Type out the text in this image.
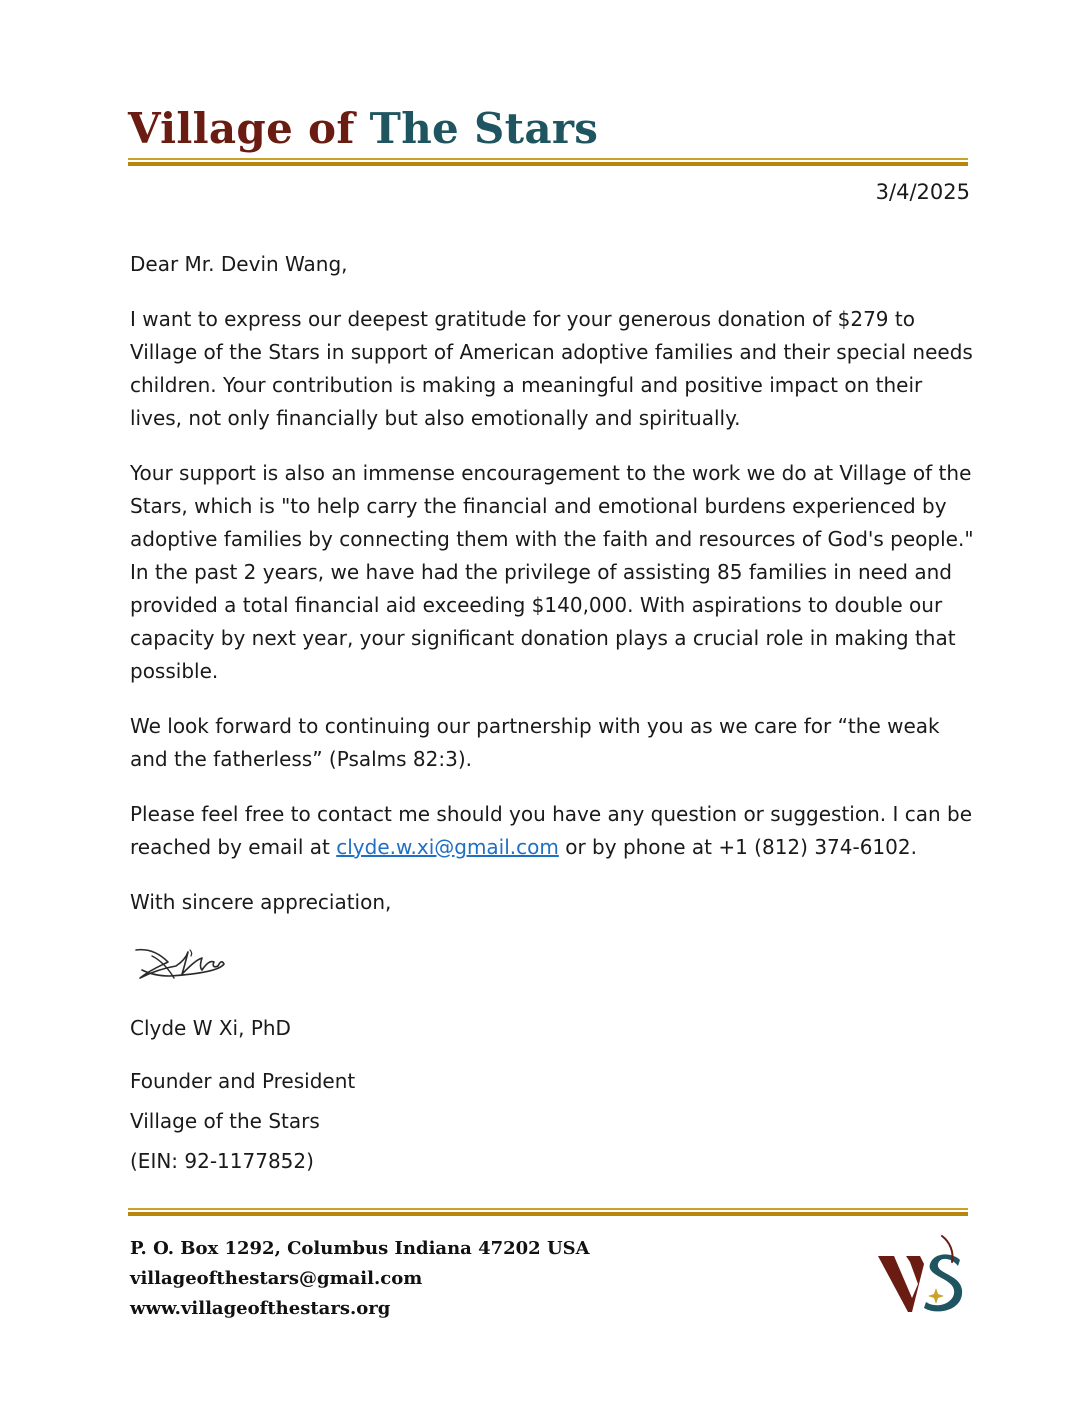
Village of The Stars
3/4/2025

Dear Mr. Devin Wang,

I want to express our deepest gratitude for your generous donation of $279 to Village of the Stars in support of American adoptive families and their special needs children. Your contribution is making a meaningful and positive impact on their lives, not only financially but also emotionally and spiritually.

Your support is also an immense encouragement to the work we do at Village of the Stars, which is "to help carry the financial and emotional burdens experienced by adoptive families by connecting them with the faith and resources of God's people." In the past 2 years, we have had the privilege of assisting 85 families in need and provided a total financial aid exceeding $140,000. With aspirations to double our capacity by next year, your significant donation plays a crucial role in making that possible.

We look forward to continuing our partnership with you as we care for “the weak and the fatherless” (Psalms 82:3).

Please feel free to contact me should you have any question or suggestion. I can be reached by email at clyde.w.xi@gmail.com or by phone at +1 (812) 374-6102.

With sincere appreciation,

Clyde W Xi, PhD

Founder and President

Village of the Stars

(EIN: 92-1177852)

P. O. Box 1292, Columbus Indiana 47202 USA
villageofthestars@gmail.com
www.villageofthestars.org
